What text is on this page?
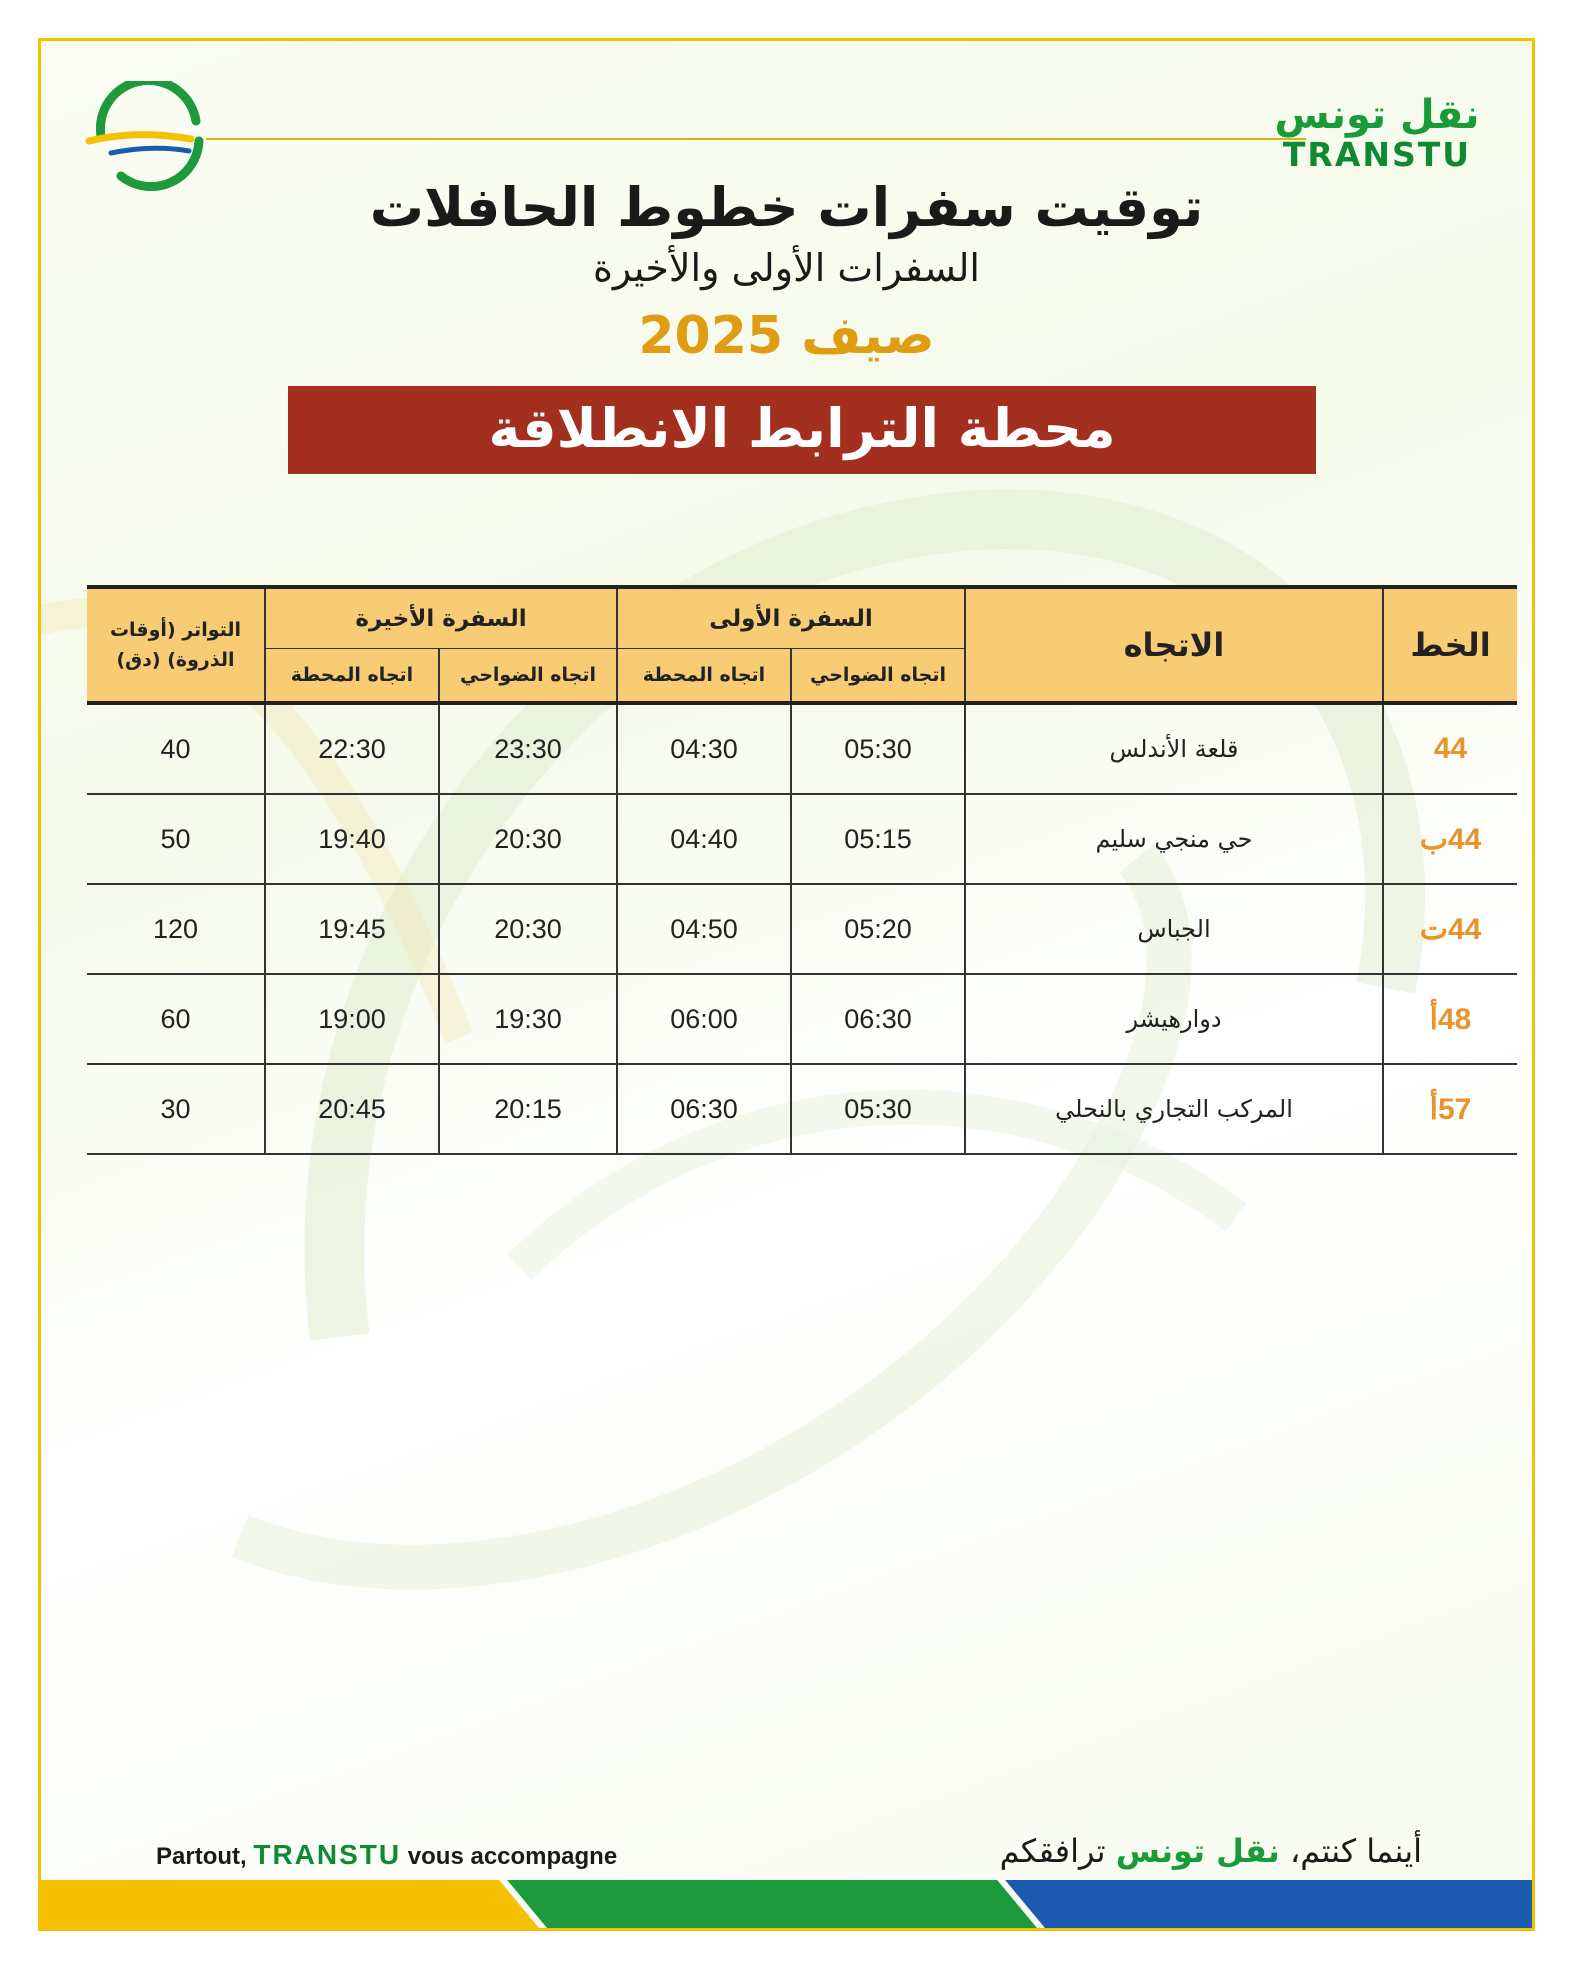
نقل تونس
TRANSTU
توقيت سفرات خطوط الحافلات
السفرات الأولى والأخيرة
صيف 2025
محطة الترابط الانطلاقة
الخط	الاتجاه	السفرة الأولى		السفرة الأخيرة		التواتر (أوقات الذروة) (دق)
		اتجاه الضواحي	اتجاه المحطة	اتجاه الضواحي	اتجاه المحطة	
44	قلعة الأندلس	05:30	04:30	23:30	22:30	40
44ب	حي منجي سليم	05:15	04:40	20:30	19:40	50
44ت	الجباس	05:20	04:50	20:30	19:45	120
48أ	دوارهيشر	06:30	06:00	19:30	19:00	60
57أ	المركب التجاري بالنحلي	05:30	06:30	20:15	20:45	30
Partout, TRANSTU vous accompagne	أينما كنتم، نقل تونس ترافقكم
